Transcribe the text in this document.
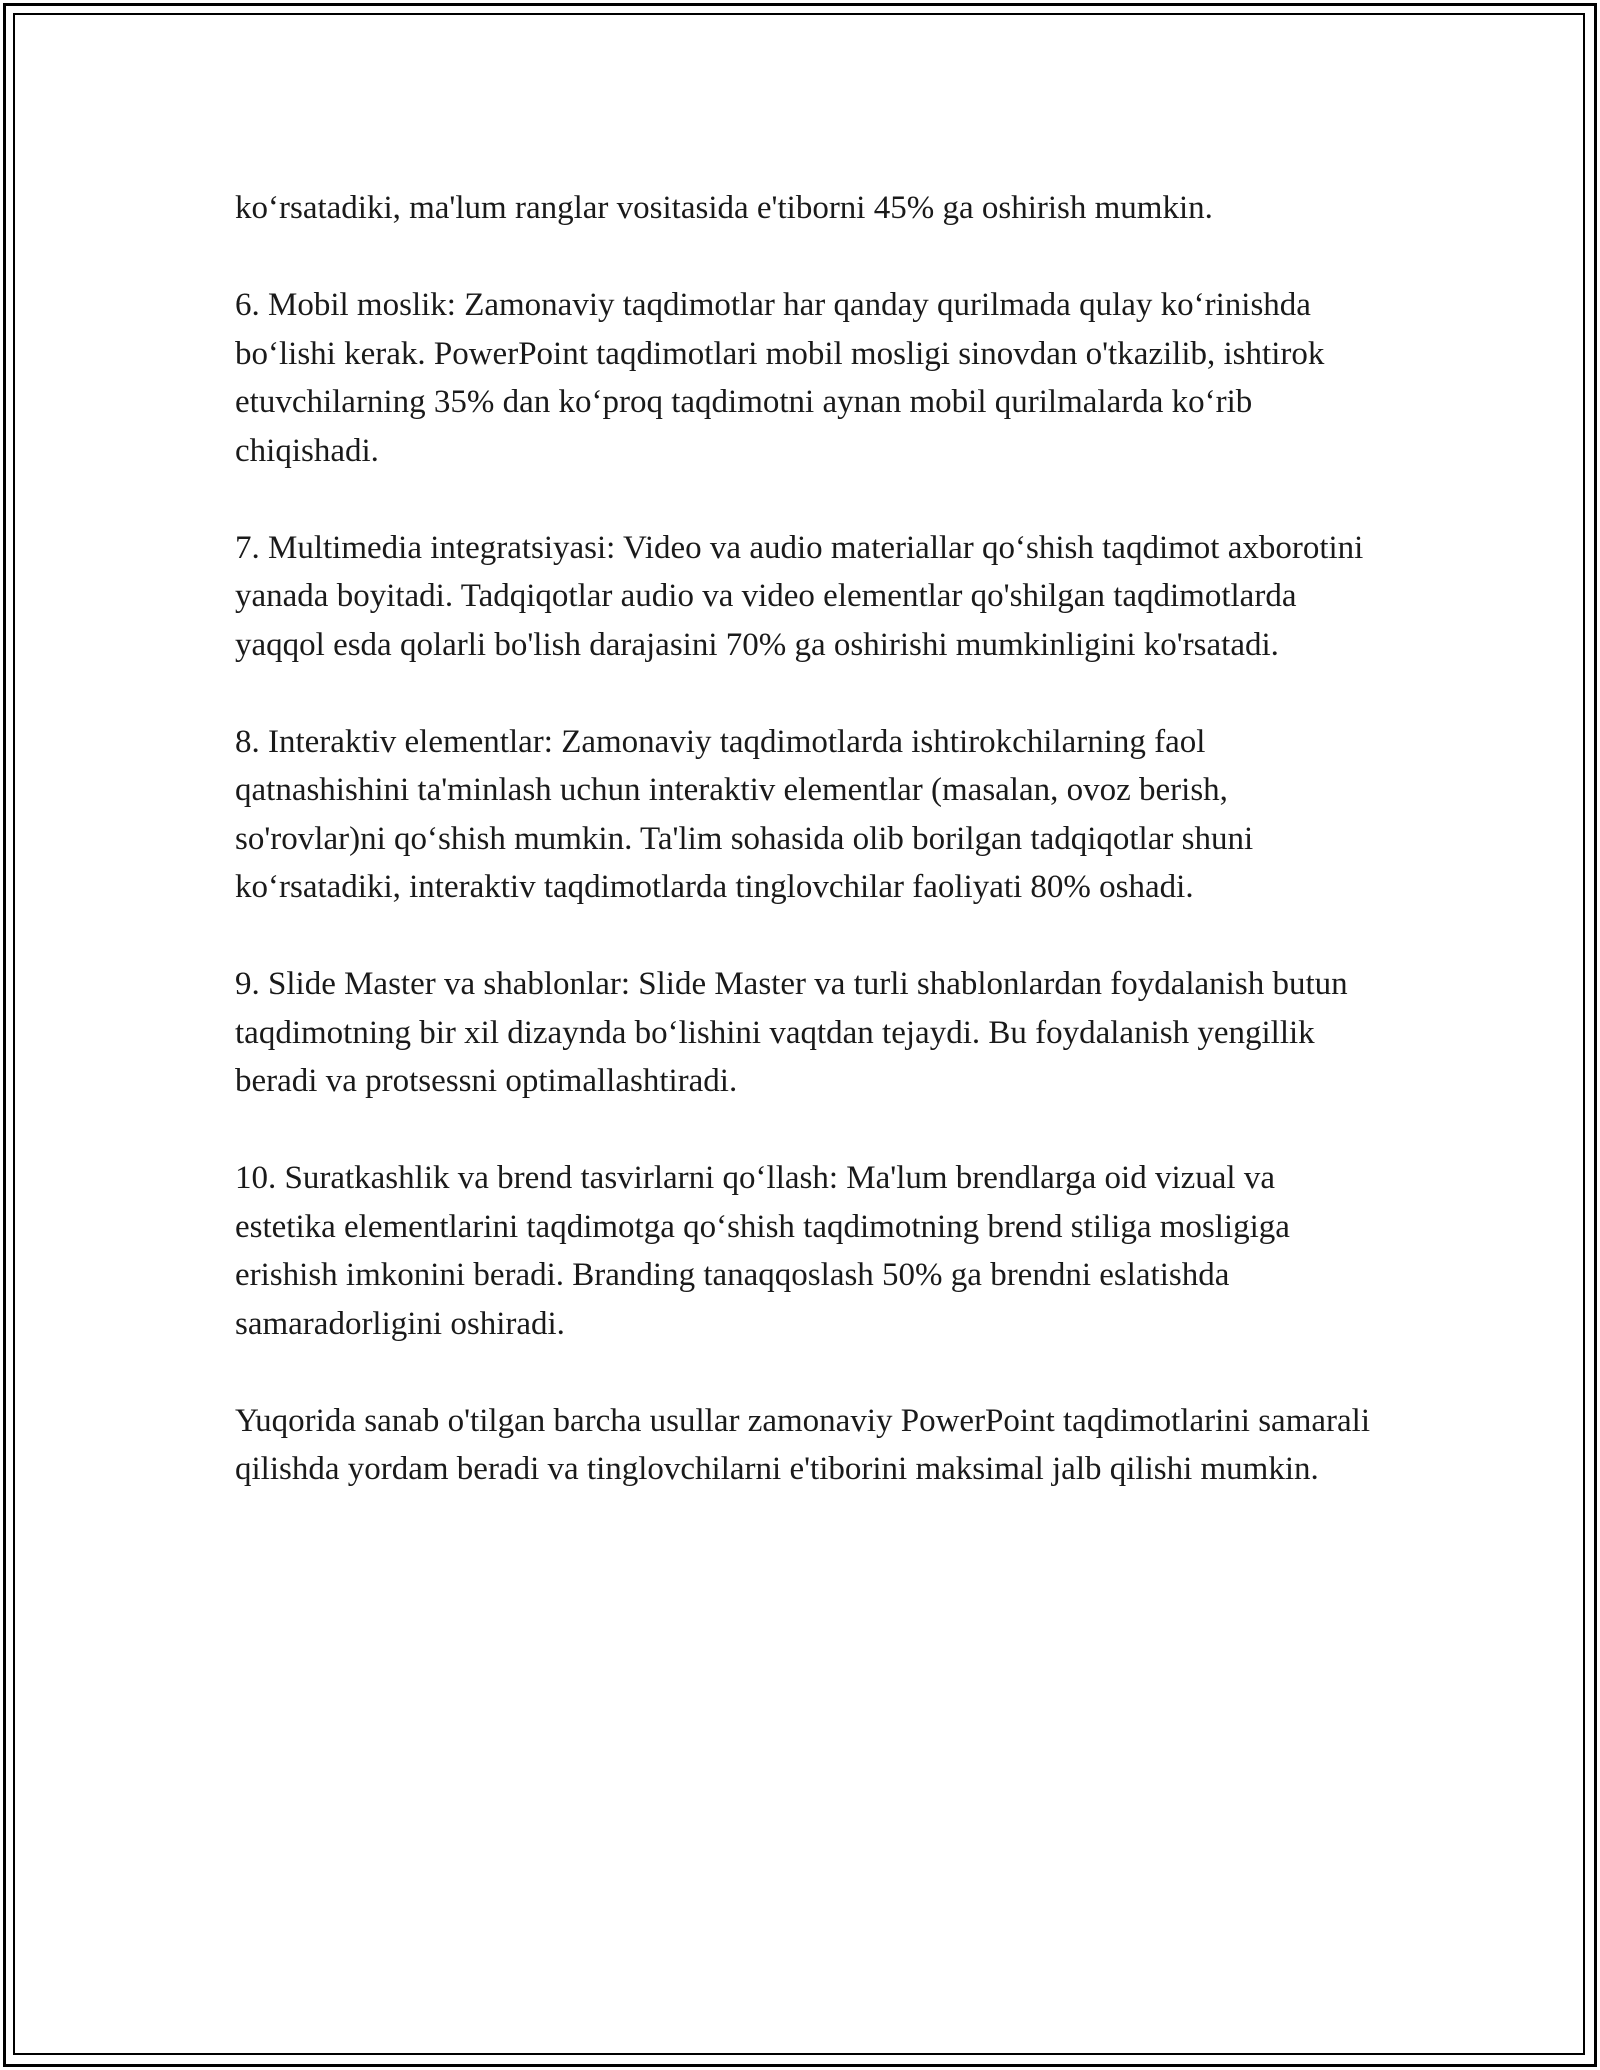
ko‘rsatadiki, ma'lum ranglar vositasida e'tiborni 45% ga oshirish mumkin.

6. Mobil moslik: Zamonaviy taqdimotlar har qanday qurilmada qulay ko‘rinishda bo‘lishi kerak. PowerPoint taqdimotlari mobil mosligi sinovdan o'tkazilib, ishtirok etuvchilarning 35% dan ko‘proq taqdimotni aynan mobil qurilmalarda ko‘rib chiqishadi.

7. Multimedia integratsiyasi: Video va audio materiallar qo‘shish taqdimot axborotini yanada boyitadi. Tadqiqotlar audio va video elementlar qo'shilgan taqdimotlarda yaqqol esda qolarli bo'lish darajasini 70% ga oshirishi mumkinligini ko'rsatadi.

8. Interaktiv elementlar: Zamonaviy taqdimotlarda ishtirokchilarning faol qatnashishini ta'minlash uchun interaktiv elementlar (masalan, ovoz berish, so'rovlar)ni qo‘shish mumkin. Ta'lim sohasida olib borilgan tadqiqotlar shuni ko‘rsatadiki, interaktiv taqdimotlarda tinglovchilar faoliyati 80% oshadi.

9. Slide Master va shablonlar: Slide Master va turli shablonlardan foydalanish butun taqdimotning bir xil dizaynda bo‘lishini vaqtdan tejaydi. Bu foydalanish yengillik beradi va protsessni optimallashtiradi.

10. Suratkashlik va brend tasvirlarni qo‘llash: Ma'lum brendlarga oid vizual va estetika elementlarini taqdimotga qo‘shish taqdimotning brend stiliga mosligiga erishish imkonini beradi. Branding tanaqqoslash 50% ga brendni eslatishda samaradorligini oshiradi.

Yuqorida sanab o'tilgan barcha usullar zamonaviy PowerPoint taqdimotlarini samarali qilishda yordam beradi va tinglovchilarni e'tiborini maksimal jalb qilishi mumkin.
